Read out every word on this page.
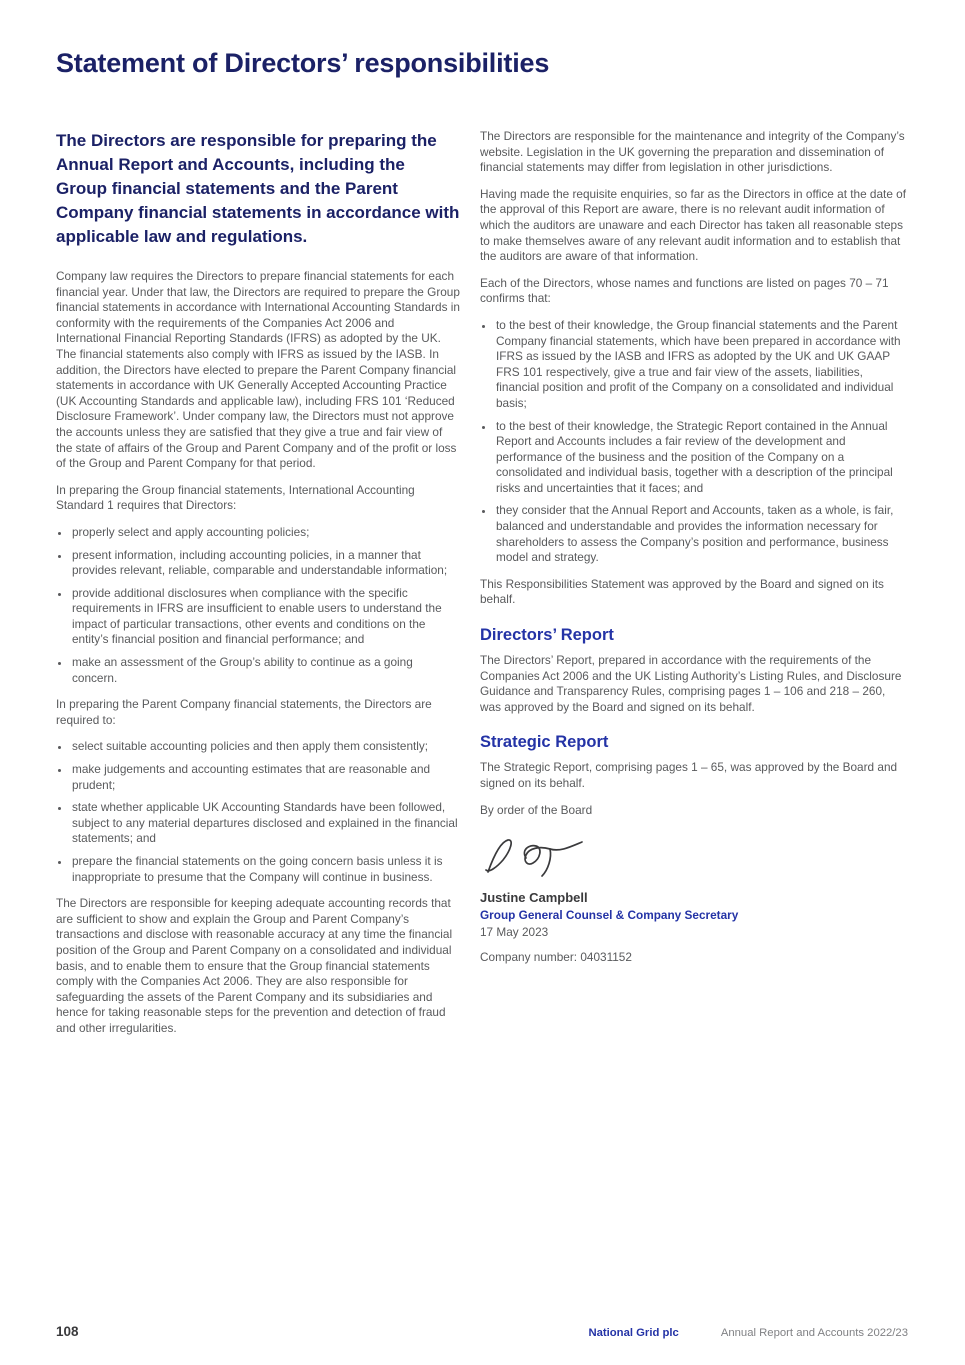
Statement of Directors’ responsibilities
The Directors are responsible for preparing the Annual Report and Accounts, including the Group financial statements and the Parent Company financial statements in accordance with applicable law and regulations.

Company law requires the Directors to prepare financial statements for each financial year. Under that law, the Directors are required to prepare the Group financial statements in accordance with International Accounting Standards in conformity with the requirements of the Companies Act 2006 and International Financial Reporting Standards (IFRS) as adopted by the UK. The financial statements also comply with IFRS as issued by the IASB. In addition, the Directors have elected to prepare the Parent Company financial statements in accordance with UK Generally Accepted Accounting Practice (UK Accounting Standards and applicable law), including FRS 101 ‘Reduced Disclosure Framework’. Under company law, the Directors must not approve the accounts unless they are satisfied that they give a true and fair view of the state of affairs of the Group and Parent Company and of the profit or loss of the Group and Parent Company for that period.

In preparing the Group financial statements, International Accounting Standard 1 requires that Directors:

• properly select and apply accounting policies;
• present information, including accounting policies, in a manner that provides relevant, reliable, comparable and understandable information;
• provide additional disclosures when compliance with the specific requirements in IFRS are insufficient to enable users to understand the impact of particular transactions, other events and conditions on the entity’s financial position and financial performance; and
• make an assessment of the Group’s ability to continue as a going concern.

In preparing the Parent Company financial statements, the Directors are required to:

• select suitable accounting policies and then apply them consistently;
• make judgements and accounting estimates that are reasonable and prudent;
• state whether applicable UK Accounting Standards have been followed, subject to any material departures disclosed and explained in the financial statements; and
• prepare the financial statements on the going concern basis unless it is inappropriate to presume that the Company will continue in business.

The Directors are responsible for keeping adequate accounting records that are sufficient to show and explain the Group and Parent Company’s transactions and disclose with reasonable accuracy at any time the financial position of the Group and Parent Company on a consolidated and individual basis, and to enable them to ensure that the Group financial statements comply with the Companies Act 2006. They are also responsible for safeguarding the assets of the Parent Company and its subsidiaries and hence for taking reasonable steps for the prevention and detection of fraud and other irregularities.

The Directors are responsible for the maintenance and integrity of the Company’s website. Legislation in the UK governing the preparation and dissemination of financial statements may differ from legislation in other jurisdictions.

Having made the requisite enquiries, so far as the Directors in office at the date of the approval of this Report are aware, there is no relevant audit information of which the auditors are unaware and each Director has taken all reasonable steps to make themselves aware of any relevant audit information and to establish that the auditors are aware of that information.

Each of the Directors, whose names and functions are listed on pages 70 – 71 confirms that:

• to the best of their knowledge, the Group financial statements and the Parent Company financial statements, which have been prepared in accordance with IFRS as issued by the IASB and IFRS as adopted by the UK and UK GAAP FRS 101 respectively, give a true and fair view of the assets, liabilities, financial position and profit of the Company on a consolidated and individual basis;
• to the best of their knowledge, the Strategic Report contained in the Annual Report and Accounts includes a fair review of the development and performance of the business and the position of the Company on a consolidated and individual basis, together with a description of the principal risks and uncertainties that it faces; and
• they consider that the Annual Report and Accounts, taken as a whole, is fair, balanced and understandable and provides the information necessary for shareholders to assess the Company’s position and performance, business model and strategy.

This Responsibilities Statement was approved by the Board and signed on its behalf.

Directors’ Report

The Directors’ Report, prepared in accordance with the requirements of the Companies Act 2006 and the UK Listing Authority’s Listing Rules, and Disclosure Guidance and Transparency Rules, comprising pages 1 – 106 and 218 – 260, was approved by the Board and signed on its behalf.

Strategic Report

The Strategic Report, comprising pages 1 – 65, was approved by the Board and signed on its behalf.

By order of the Board

Justine Campbell
Group General Counsel & Company Secretary
17 May 2023
Company number: 04031152
108	National Grid plc	Annual Report and Accounts 2022/23
